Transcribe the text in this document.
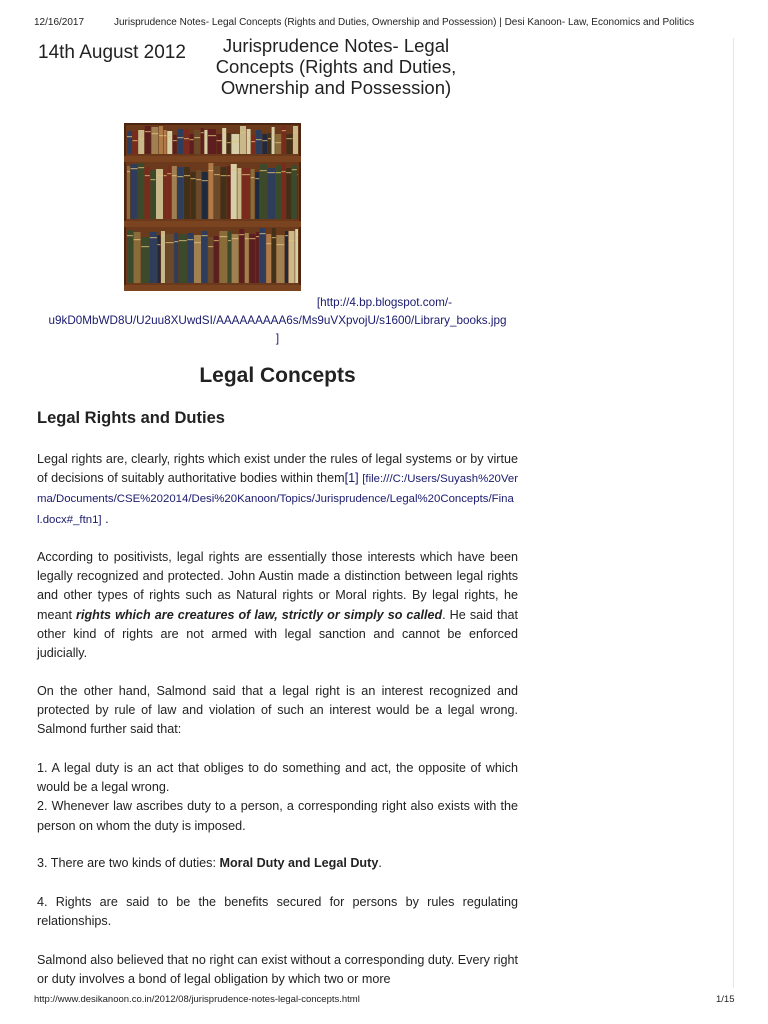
12/16/2017	Jurisprudence Notes- Legal Concepts (Rights and Duties, Ownership and Possession) | Desi Kanoon- Law, Economics and Politics
14th August 2012	Jurisprudence Notes- Legal Concepts (Rights and Duties, Ownership and Possession)
[http://4.bp.blogspot.com/-
u9kD0MbWD8U/U2uu8XUwdSI/AAAAAAAAA6s/Ms9uVXpvojU/s1600/Library_books.jpg
]
Legal Concepts
Legal Rights and Duties

Legal rights are, clearly, rights which exist under the rules of legal systems or by virtue of decisions of suitably authoritative bodies within them[1] [file:///C:/Users/Suyash%20Verma/Documents/CSE%202014/Desi%20Kanoon/Topics/Jurisprudence/Legal%20Concepts/Final.docx#_ftn1] .

According to positivists, legal rights are essentially those interests which have been legally recognized and protected. John Austin made a distinction between legal rights and other types of rights such as Natural rights or Moral rights. By legal rights, he meant rights which are creatures of law, strictly or simply so called. He said that other kind of rights are not armed with legal sanction and cannot be enforced judicially.

On the other hand, Salmond said that a legal right is an interest recognized and protected by rule of law and violation of such an interest would be a legal wrong. Salmond further said that:

1. A legal duty is an act that obliges to do something and act, the opposite of which would be a legal wrong.
2. Whenever law ascribes duty to a person, a corresponding right also exists with the person on whom the duty is imposed.

3. There are two kinds of duties: Moral Duty and Legal Duty.

4. Rights are said to be the benefits secured for persons by rules regulating relationships.

Salmond also believed that no right can exist without a corresponding duty. Every right or duty involves a bond of legal obligation by which two or more

http://www.desikanoon.co.in/2012/08/jurisprudence-notes-legal-concepts.html	1/15
